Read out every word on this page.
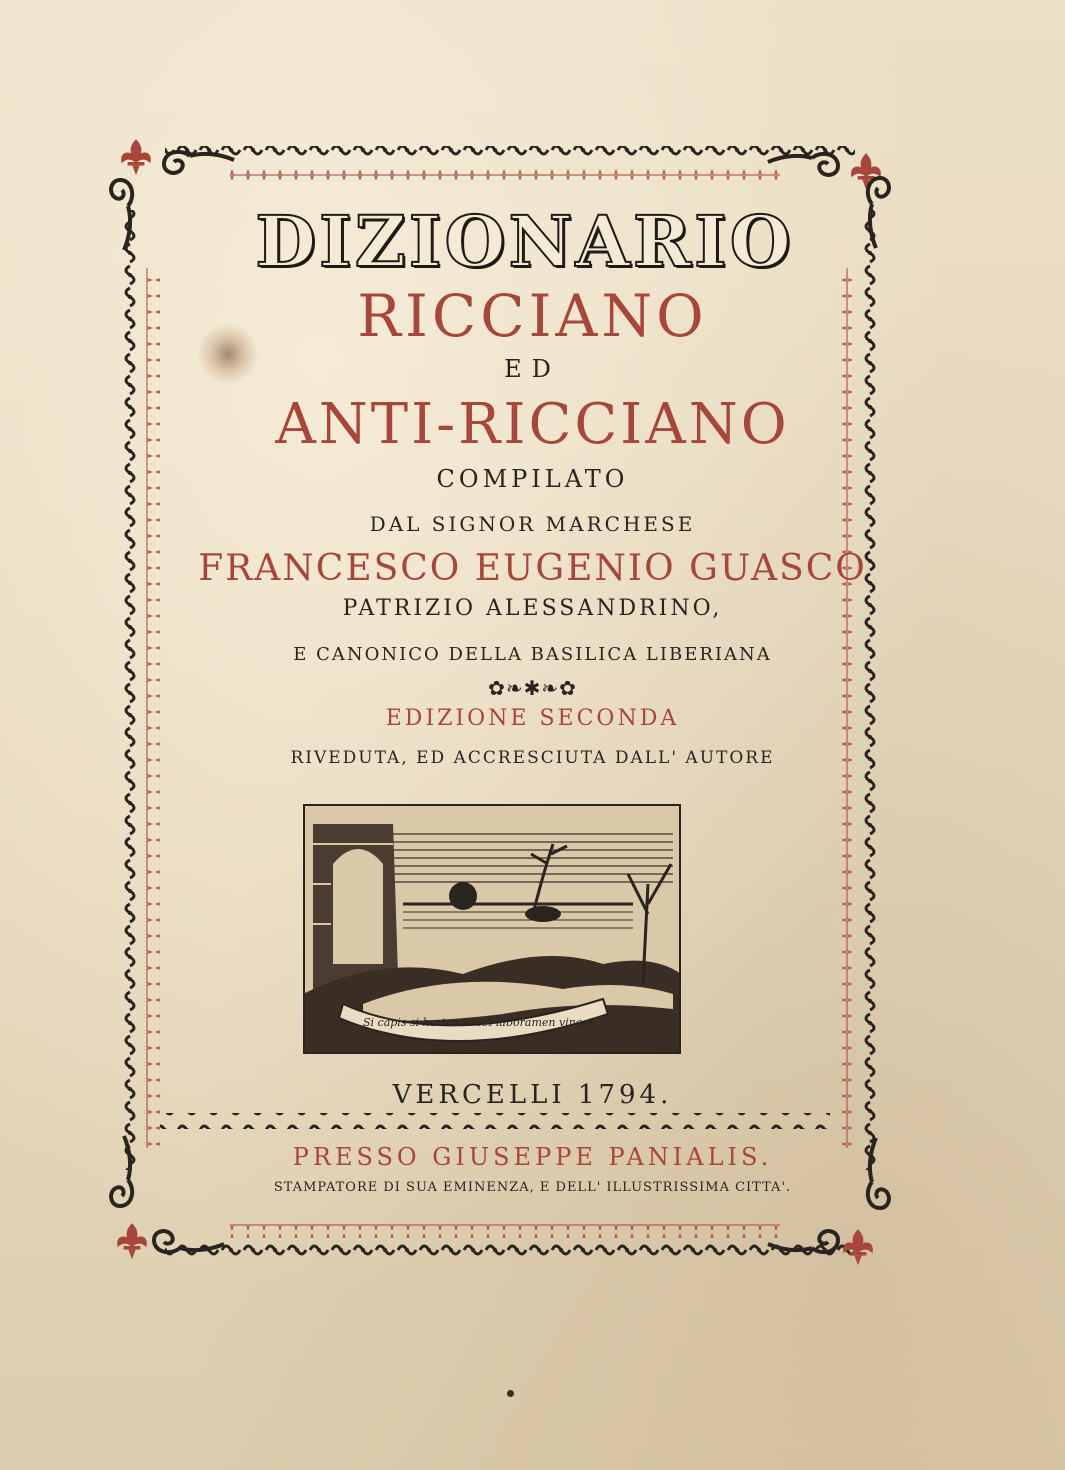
DIZIONARIO
RICCIANO
ED
ANTI-RICCIANO
COMPILATO
DAL SIGNOR MARCHESE
FRANCESCO EUGENIO GUASCO
PATRIZIO ALESSANDRINO,
E CANONICO DELLA BASILICA LIBERIANA
✿❧✱❧✿
EDIZIONE SECONDA
RIVEDUTA, ED ACCRESCIUTA DALL' AUTORE
Si capis si hortus adest laboramen vincet
VERCELLI 1794.
PRESSO GIUSEPPE PANIALIS.
STAMPATORE DI SUA EMINENZA, E DELL' ILLUSTRISSIMA CITTA'.
